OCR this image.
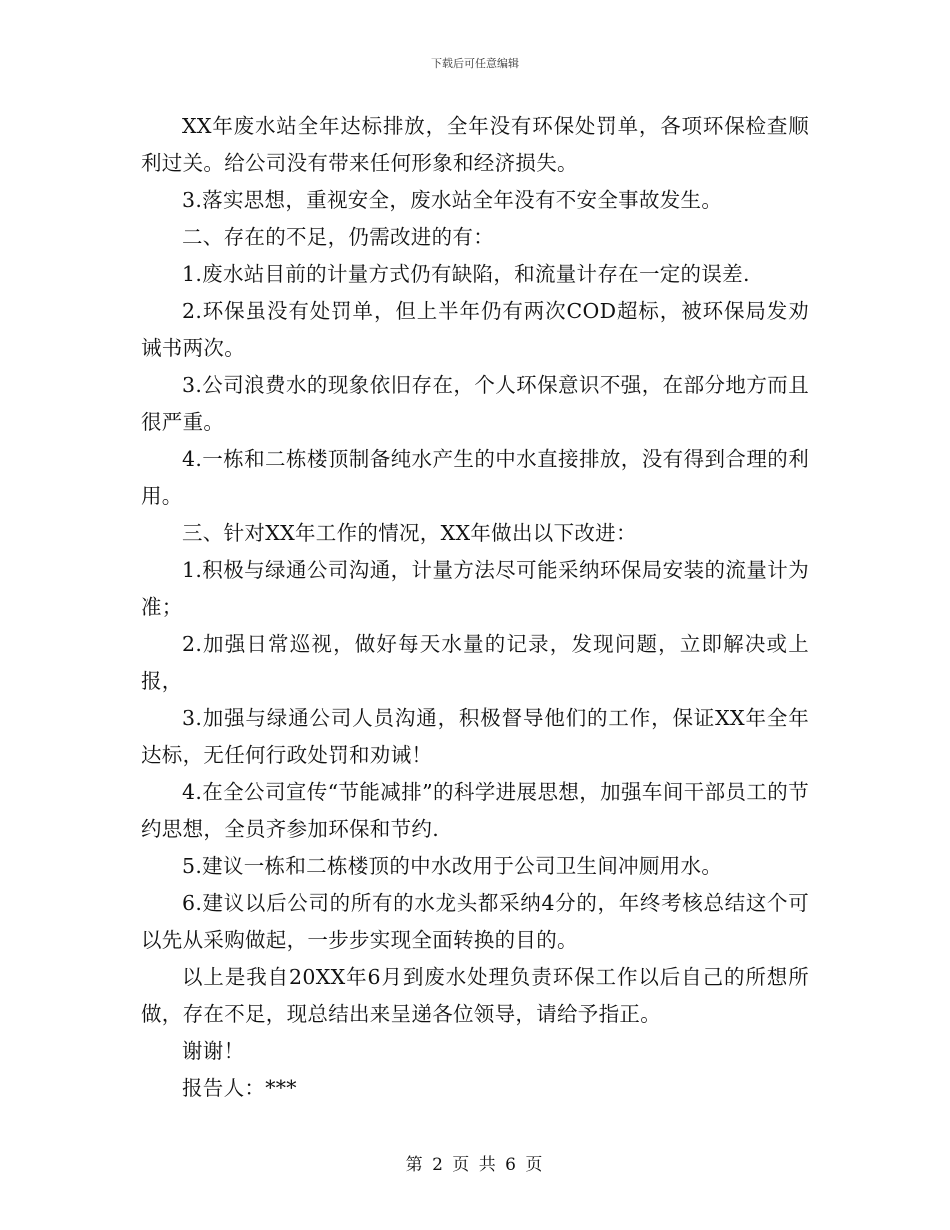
下载后可任意编辑

XX年废水站全年达标排放，全年没有环保处罚单，各项环保检查顺利过关。给公司没有带来任何形象和经济损失。

3.落实思想，重视安全，废水站全年没有不安全事故发生。

二、存在的不足，仍需改进的有：

1.废水站目前的计量方式仍有缺陷，和流量计存在一定的误差.

2.环保虽没有处罚单，但上半年仍有两次COD超标，被环保局发劝诫书两次。

3.公司浪费水的现象依旧存在，个人环保意识不强，在部分地方而且很严重。

4.一栋和二栋楼顶制备纯水产生的中水直接排放，没有得到合理的利用。

三、针对XX年工作的情况，XX年做出以下改进：

1.积极与绿通公司沟通，计量方法尽可能采纳环保局安装的流量计为准；

2.加强日常巡视，做好每天水量的记录，发现问题，立即解决或上报，

3.加强与绿通公司人员沟通，积极督导他们的工作，保证XX年全年达标，无任何行政处罚和劝诫！

4.在全公司宣传“节能减排”的科学进展思想，加强车间干部员工的节约思想，全员齐参加环保和节约.

5.建议一栋和二栋楼顶的中水改用于公司卫生间冲厕用水。

6.建议以后公司的所有的水龙头都采纳4分的，年终考核总结这个可以先从采购做起，一步步实现全面转换的目的。

以上是我自20XX年6月到废水处理负责环保工作以后自己的所想所做，存在不足，现总结出来呈递各位领导，请给予指正。

谢谢！

报告人：***

第 2 页 共 6 页
